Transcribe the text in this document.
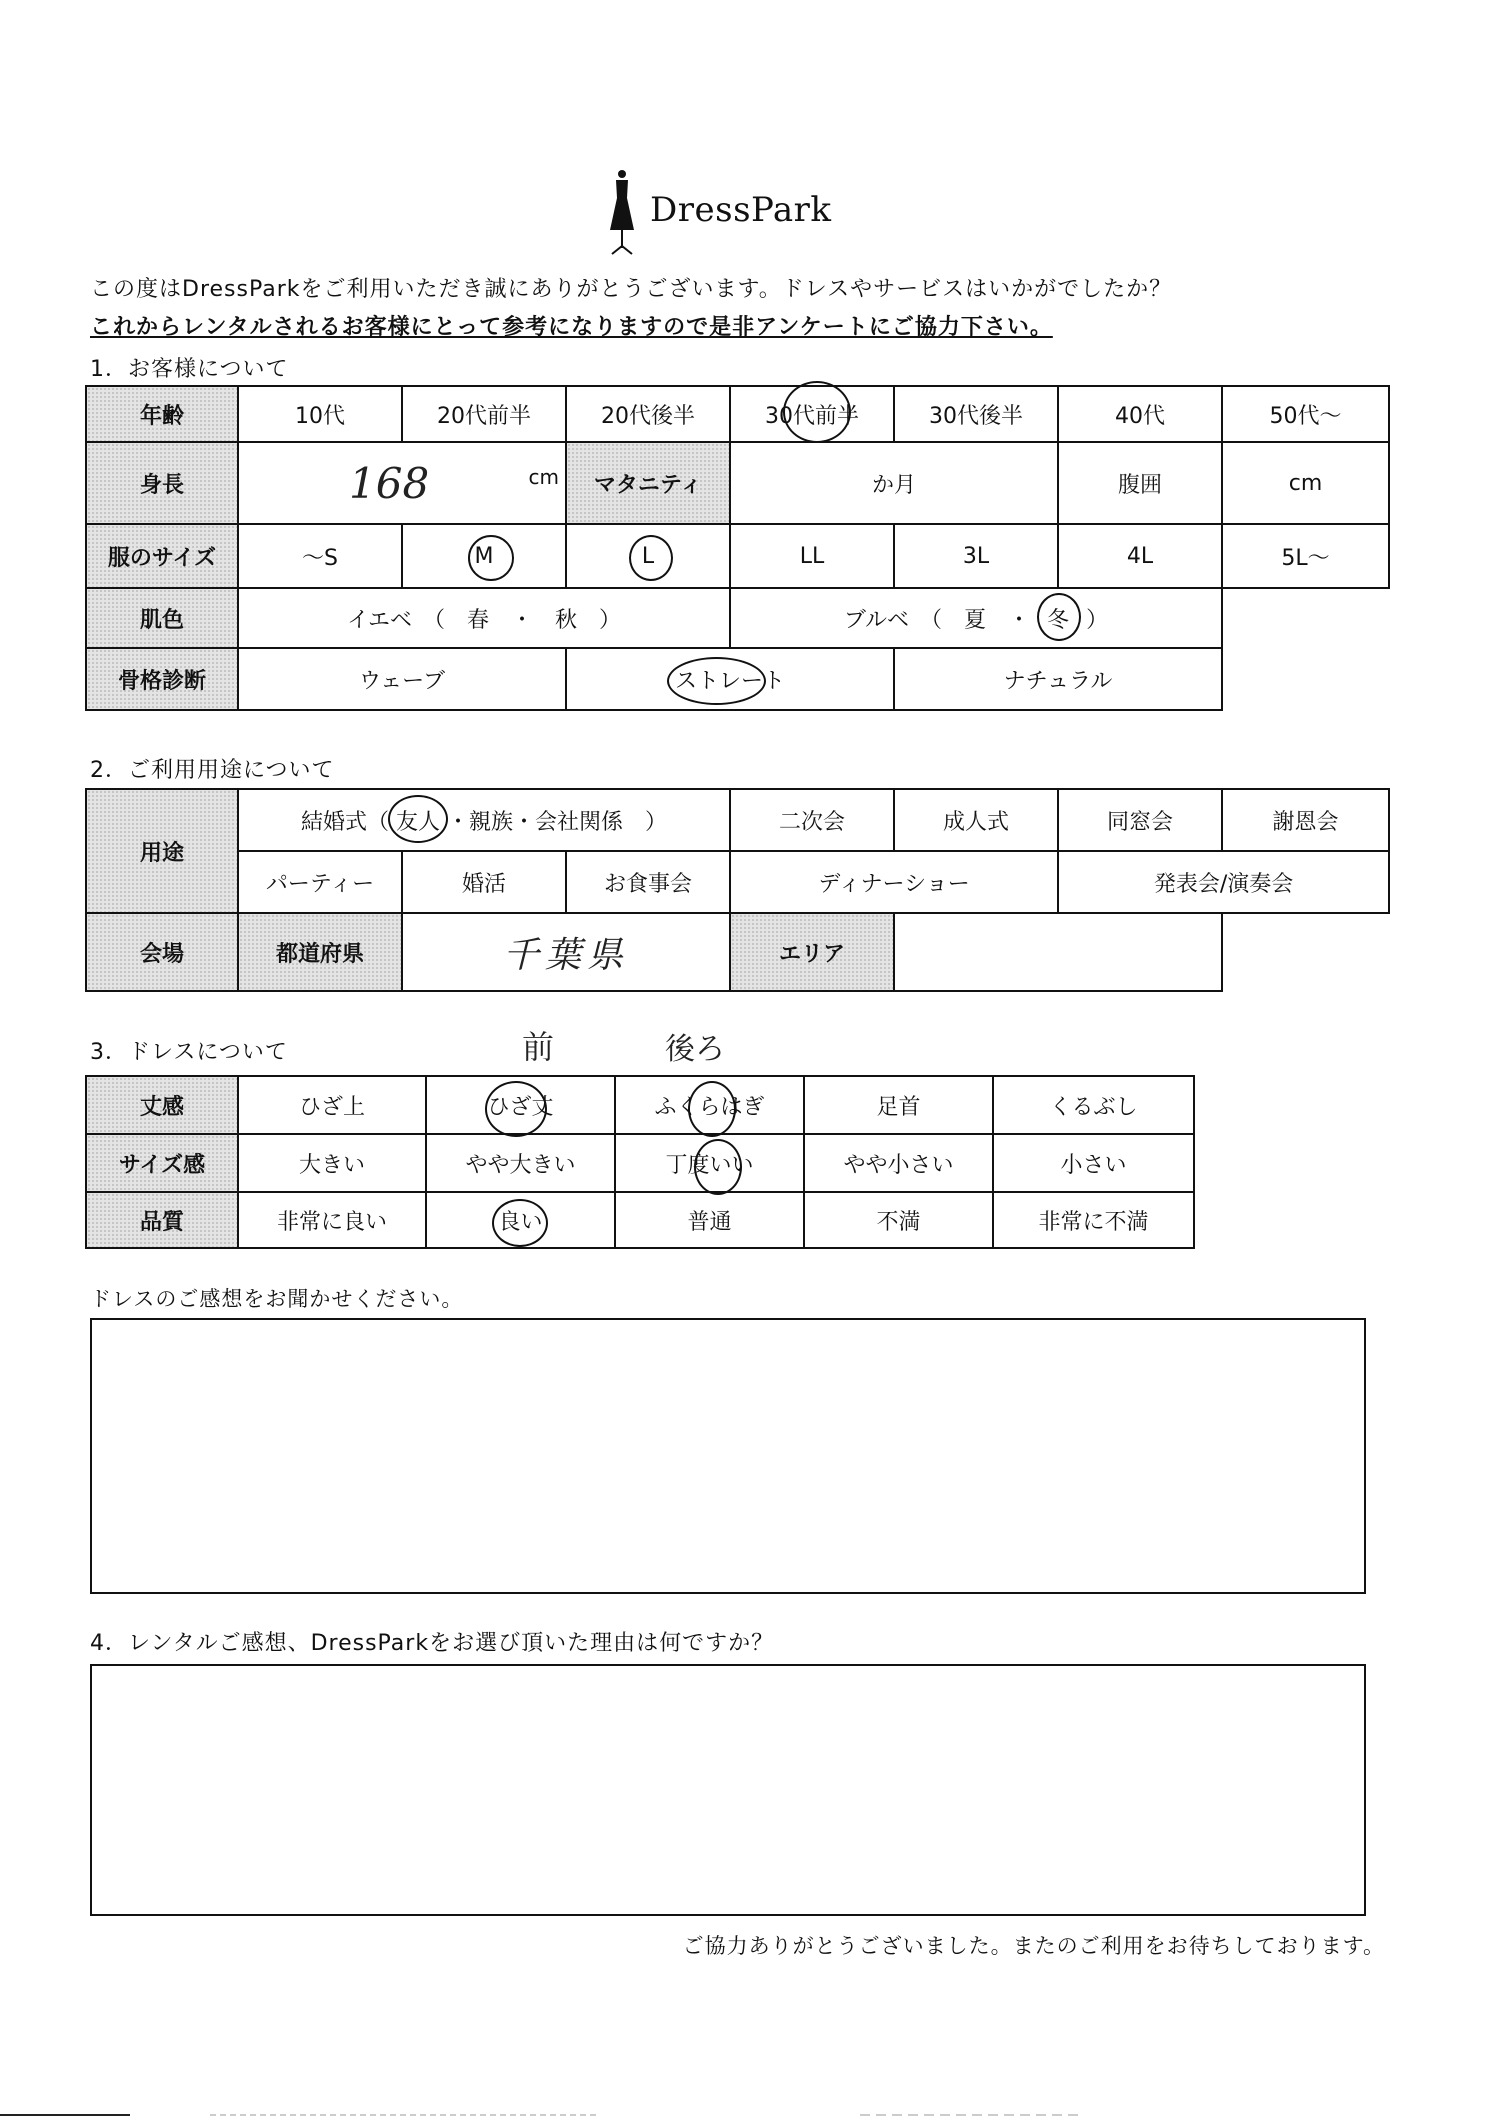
DressPark
この度はDressParkをご利用いただき誠にありがとうございます。ドレスやサービスはいかがでしたか？
これからレンタルされるお客様にとって参考になりますので是非アンケートにご協力下さい。
1．お客様について
年齢	10代	20代前半	20代後半	30代前半	30代後半	40代	50代～
身長	168 cm		マタニティ	か月		腹囲	cm
服のサイズ	～S	M	L	LL	3L	4L	5L～
肌色	イエベ　（　春　・　秋　）			ブルベ　（　夏　・ 冬 ）			
骨格診断	ウェーブ		ストレート		ナチュラル		
2．ご利用用途について
用途	結婚式（ 友人 ・親族・会社関係　）			二次会	成人式	同窓会	謝恩会
	パーティー	婚活	お食事会	ディナーショー		発表会/演奏会	
会場	都道府県	千葉県		エリア			
3．ドレスについて	前	後ろ
丈感	ひざ上	ひざ丈	ふくらはぎ	足首	くるぶし
サイズ感	大きい	やや大きい	丁度いい	やや小さい	小さい
品質	非常に良い	良い	普通	不満	非常に不満
ドレスのご感想をお聞かせください。
4．レンタルご感想、DressParkをお選び頂いた理由は何ですか？
ご協力ありがとうございました。またのご利用をお待ちしております。
